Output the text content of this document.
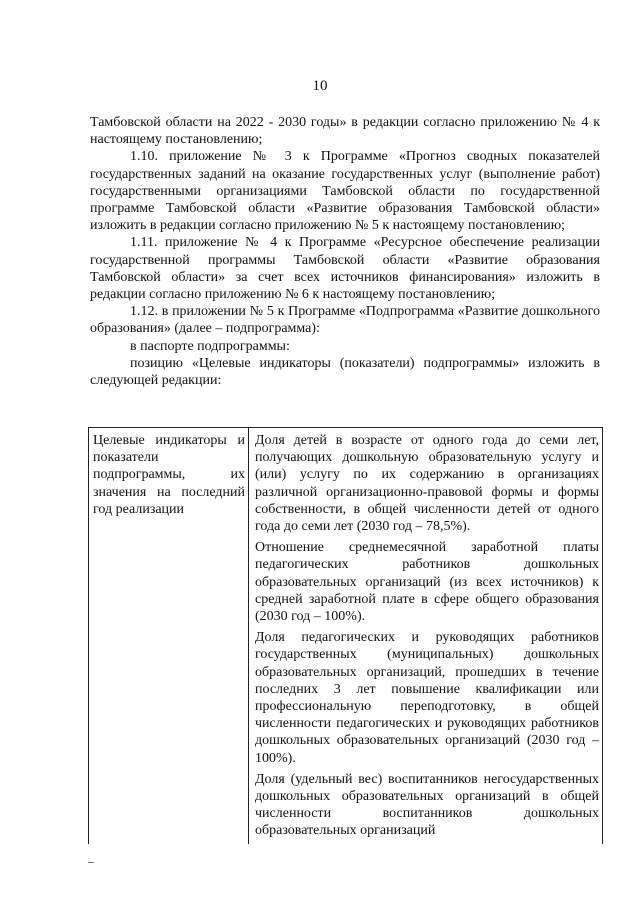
10

Тамбовской области на 2022 - 2030 годы» в редакции согласно приложению № 4 к настоящему постановлению;

1.10. приложение № 3 к Программе «Прогноз сводных показателей государственных заданий на оказание государственных услуг (выполнение работ) государственными организациями Тамбовской области по государственной программе Тамбовской области «Развитие образования Тамбовской области» изложить в редакции согласно приложению № 5 к настоящему постановлению;

1.11. приложение № 4 к Программе «Ресурсное обеспечение реализации государственной программы Тамбовской области «Развитие образования Тамбовской области» за счет всех источников финансирования» изложить в редакции согласно приложению № 6 к настоящему постановлению;

1.12. в приложении № 5 к Программе «Подпрограмма «Развитие дошкольного образования» (далее – подпрограмма):

в паспорте подпрограммы:

позицию «Целевые индикаторы (показатели) подпрограммы» изложить в следующей редакции:

Целевые индикаторы и показатели подпрограммы, их значения на последний год реализации

Доля детей в возрасте от одного года до семи лет, получающих дошкольную образовательную услугу и (или) услугу по их содержанию в организациях различной организационно-правовой формы и формы собственности, в общей численности детей от одного года до семи лет (2030 год – 78,5%).

Отношение среднемесячной заработной платы педагогических работников дошкольных образовательных организаций (из всех источников) к средней заработной плате в сфере общего образования (2030 год – 100%).

Доля педагогических и руководящих работников государственных (муниципальных) дошкольных образовательных организаций, прошедших в течение последних 3 лет повышение квалификации или профессиональную переподготовку, в общей численности педагогических и руководящих работников дошкольных образовательных организаций (2030 год – 100%).

Доля (удельный вес) воспитанников негосударственных дошкольных образовательных организаций в общей численности воспитанников дошкольных образовательных организаций
